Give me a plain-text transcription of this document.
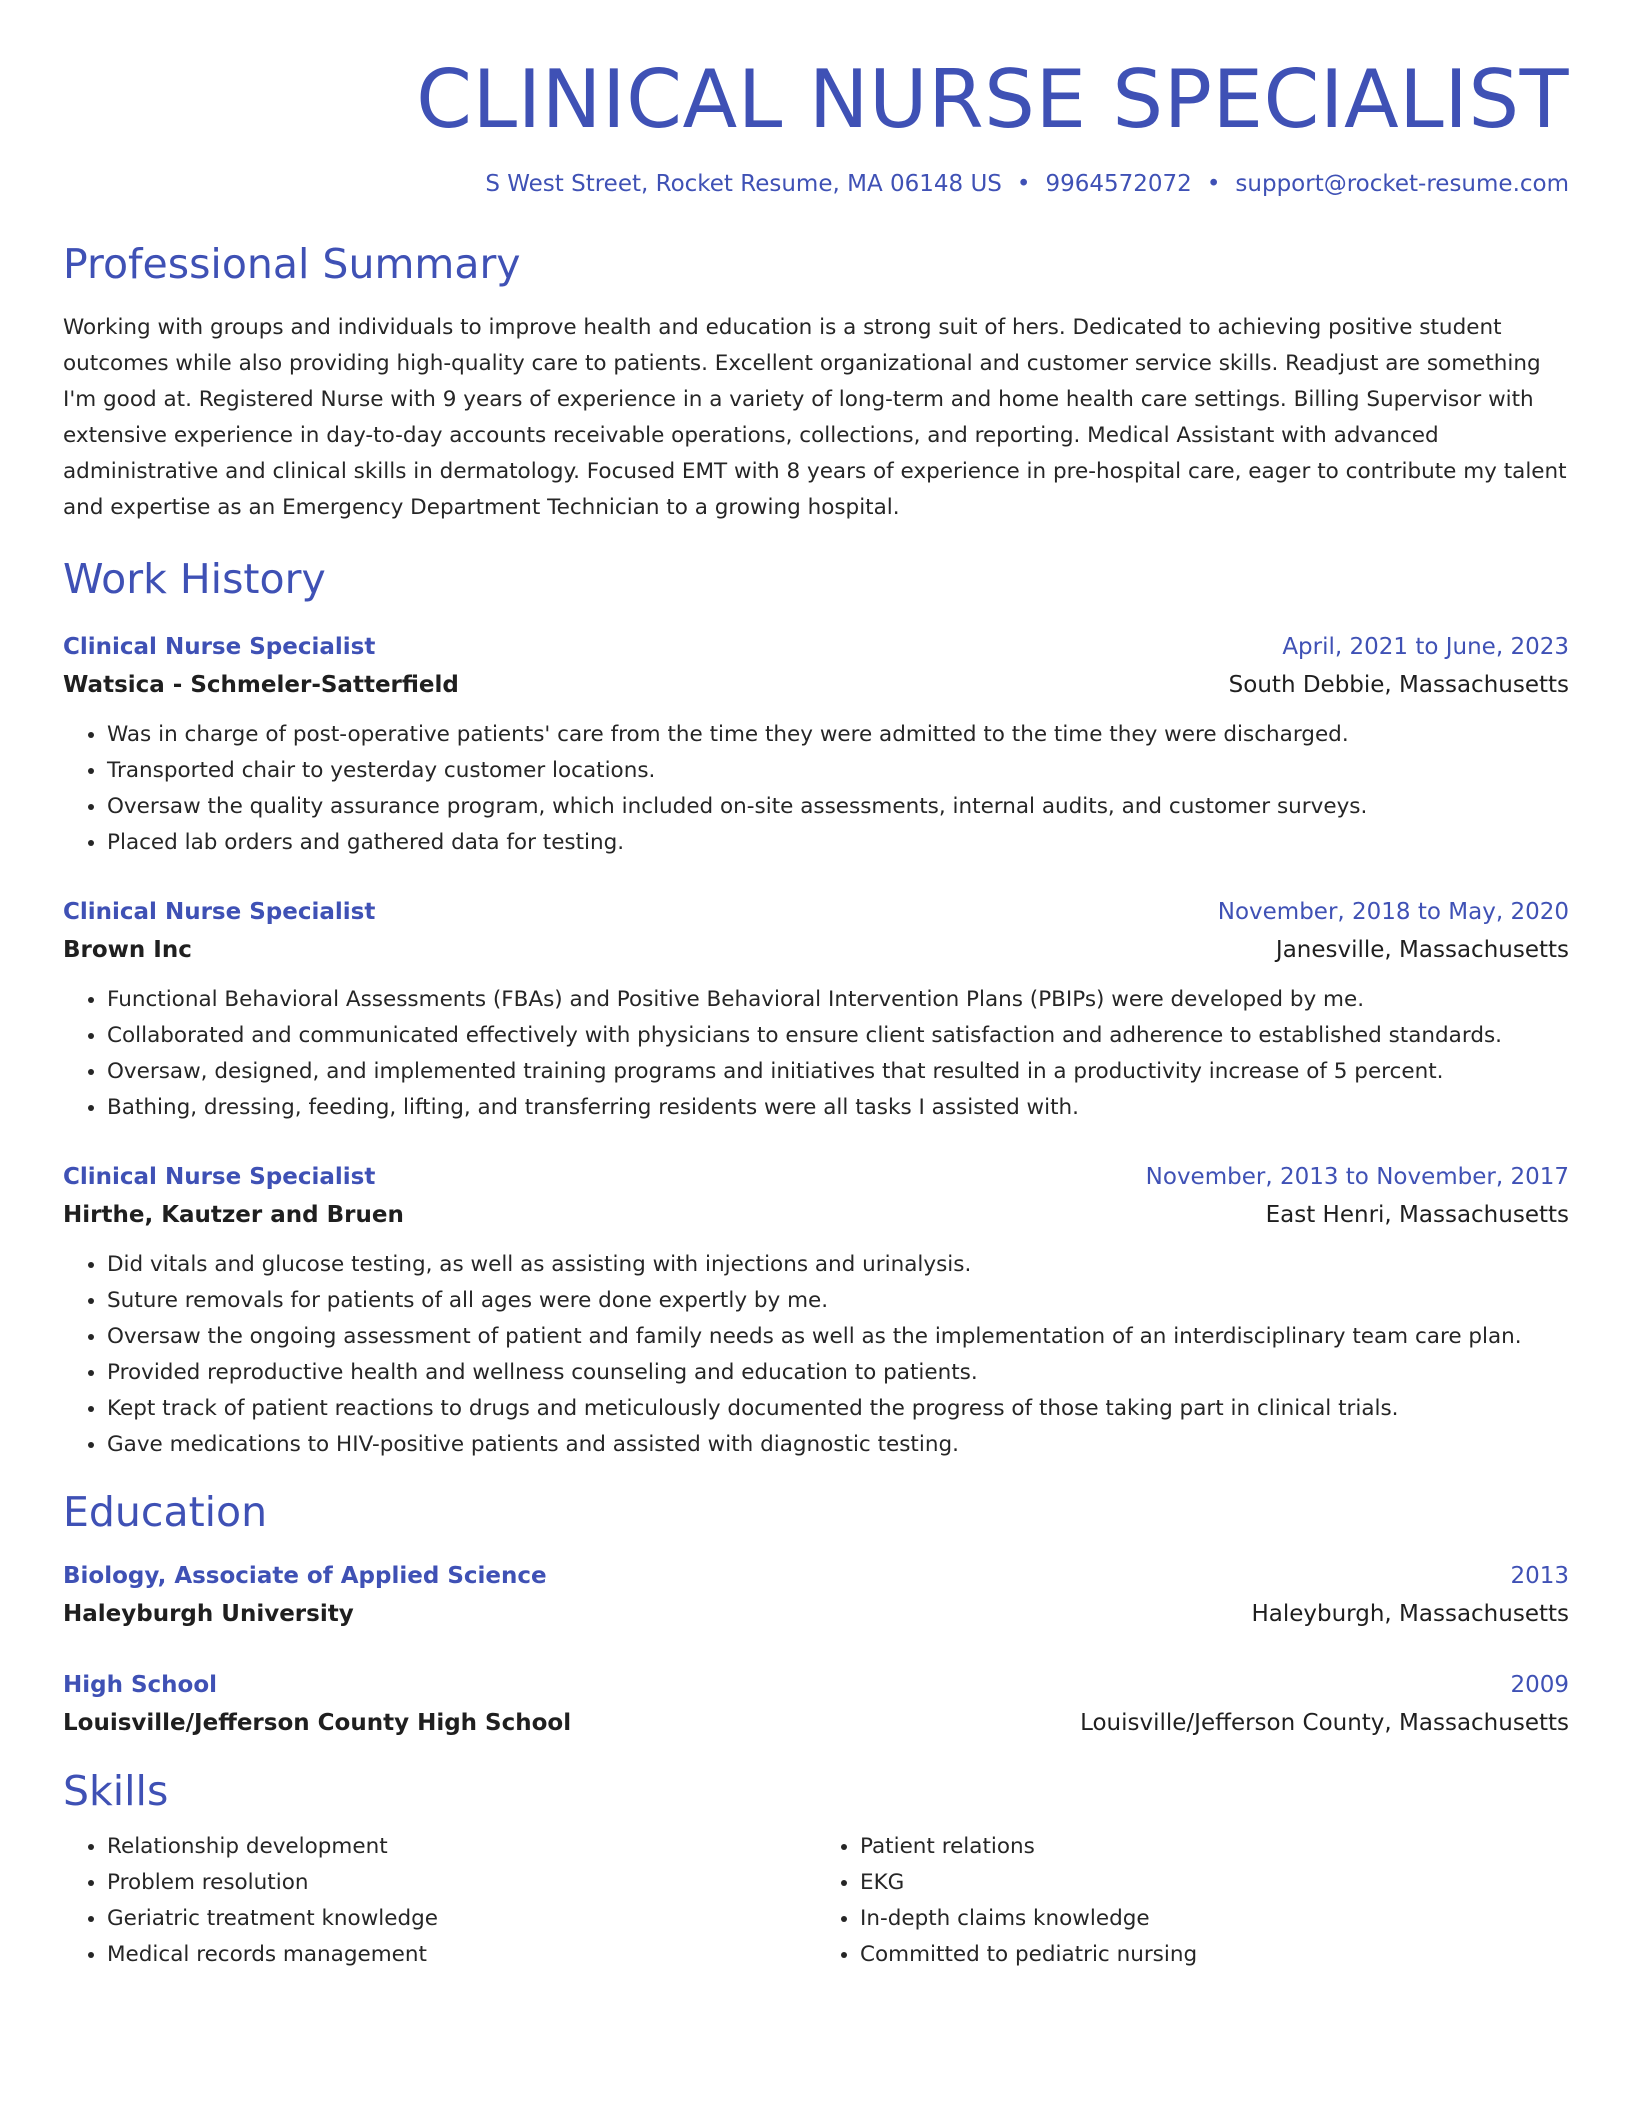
CLINICAL NURSE SPECIALIST
S West Street, Rocket Resume, MA 06148 US • 9964572072 • support@rocket-resume.com
Professional Summary
Working with groups and individuals to improve health and education is a strong suit of hers. Dedicated to achieving positive student outcomes while also providing high-quality care to patients. Excellent organizational and customer service skills. Readjust are something I'm good at. Registered Nurse with 9 years of experience in a variety of long-term and home health care settings. Billing Supervisor with extensive experience in day-to-day accounts receivable operations, collections, and reporting. Medical Assistant with advanced administrative and clinical skills in dermatology. Focused EMT with 8 years of experience in pre-hospital care, eager to contribute my talent and expertise as an Emergency Department Technician to a growing hospital.
Work History
Clinical Nurse Specialist	April, 2021 to June, 2023
Watsica - Schmeler-Satterfield	South Debbie, Massachusetts
• Was in charge of post-operative patients' care from the time they were admitted to the time they were discharged.
• Transported chair to yesterday customer locations.
• Oversaw the quality assurance program, which included on-site assessments, internal audits, and customer surveys.
• Placed lab orders and gathered data for testing.
Clinical Nurse Specialist	November, 2018 to May, 2020
Brown Inc	Janesville, Massachusetts
• Functional Behavioral Assessments (FBAs) and Positive Behavioral Intervention Plans (PBIPs) were developed by me.
• Collaborated and communicated effectively with physicians to ensure client satisfaction and adherence to established standards.
• Oversaw, designed, and implemented training programs and initiatives that resulted in a productivity increase of 5 percent.
• Bathing, dressing, feeding, lifting, and transferring residents were all tasks I assisted with.
Clinical Nurse Specialist	November, 2013 to November, 2017
Hirthe, Kautzer and Bruen	East Henri, Massachusetts
• Did vitals and glucose testing, as well as assisting with injections and urinalysis.
• Suture removals for patients of all ages were done expertly by me.
• Oversaw the ongoing assessment of patient and family needs as well as the implementation of an interdisciplinary team care plan.
• Provided reproductive health and wellness counseling and education to patients.
• Kept track of patient reactions to drugs and meticulously documented the progress of those taking part in clinical trials.
• Gave medications to HIV-positive patients and assisted with diagnostic testing.
Education
Biology, Associate of Applied Science	2013
Haleyburgh University	Haleyburgh, Massachusetts
High School	2009
Louisville/Jefferson County High School	Louisville/Jefferson County, Massachusetts
Skills
• Relationship development
• Problem resolution
• Geriatric treatment knowledge
• Medical records management
• Patient relations
• EKG
• In-depth claims knowledge
• Committed to pediatric nursing
